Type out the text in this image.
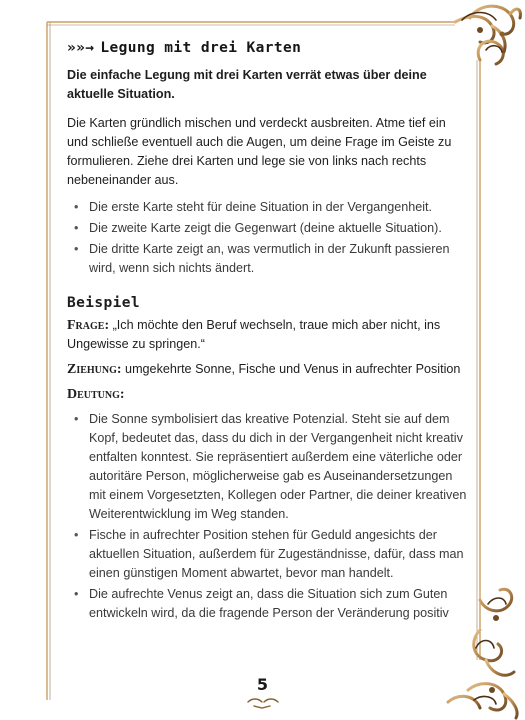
»»→ Legung mit drei Karten

Die einfache Legung mit drei Karten verrät etwas über deine aktuelle Situation.

Die Karten gründlich mischen und verdeckt ausbreiten. Atme tief ein und schließe eventuell auch die Augen, um deine Frage im Geiste zu formulieren. Ziehe drei Karten und lege sie von links nach rechts nebeneinander aus.

• Die erste Karte steht für deine Situation in der Vergangenheit.
• Die zweite Karte zeigt die Gegenwart (deine aktuelle Situation).
• Die dritte Karte zeigt an, was vermutlich in der Zukunft passieren wird, wenn sich nichts ändert.
Beispiel

Frage: „Ich möchte den Beruf wechseln, traue mich aber nicht, ins Ungewisse zu springen.“

Ziehung: umgekehrte Sonne, Fische und Venus in aufrechter Position

Deutung:

• Die Sonne symbolisiert das kreative Potenzial. Steht sie auf dem Kopf, bedeutet das, dass du dich in der Vergangenheit nicht kreativ entfalten konntest. Sie repräsentiert außerdem eine väterliche oder autoritäre Person, möglicherweise gab es Auseinandersetzungen mit einem Vorgesetzten, Kollegen oder Partner, die deiner kreativen Weiterentwicklung im Weg standen.
• Fische in aufrechter Position stehen für Geduld angesichts der aktuellen Situation, außerdem für Zugeständnisse, dafür, dass man einen günstigen Moment abwartet, bevor man handelt.
• Die aufrechte Venus zeigt an, dass die Situation sich zum Guten entwickeln wird, da die fragende Person der Veränderung positiv
5
